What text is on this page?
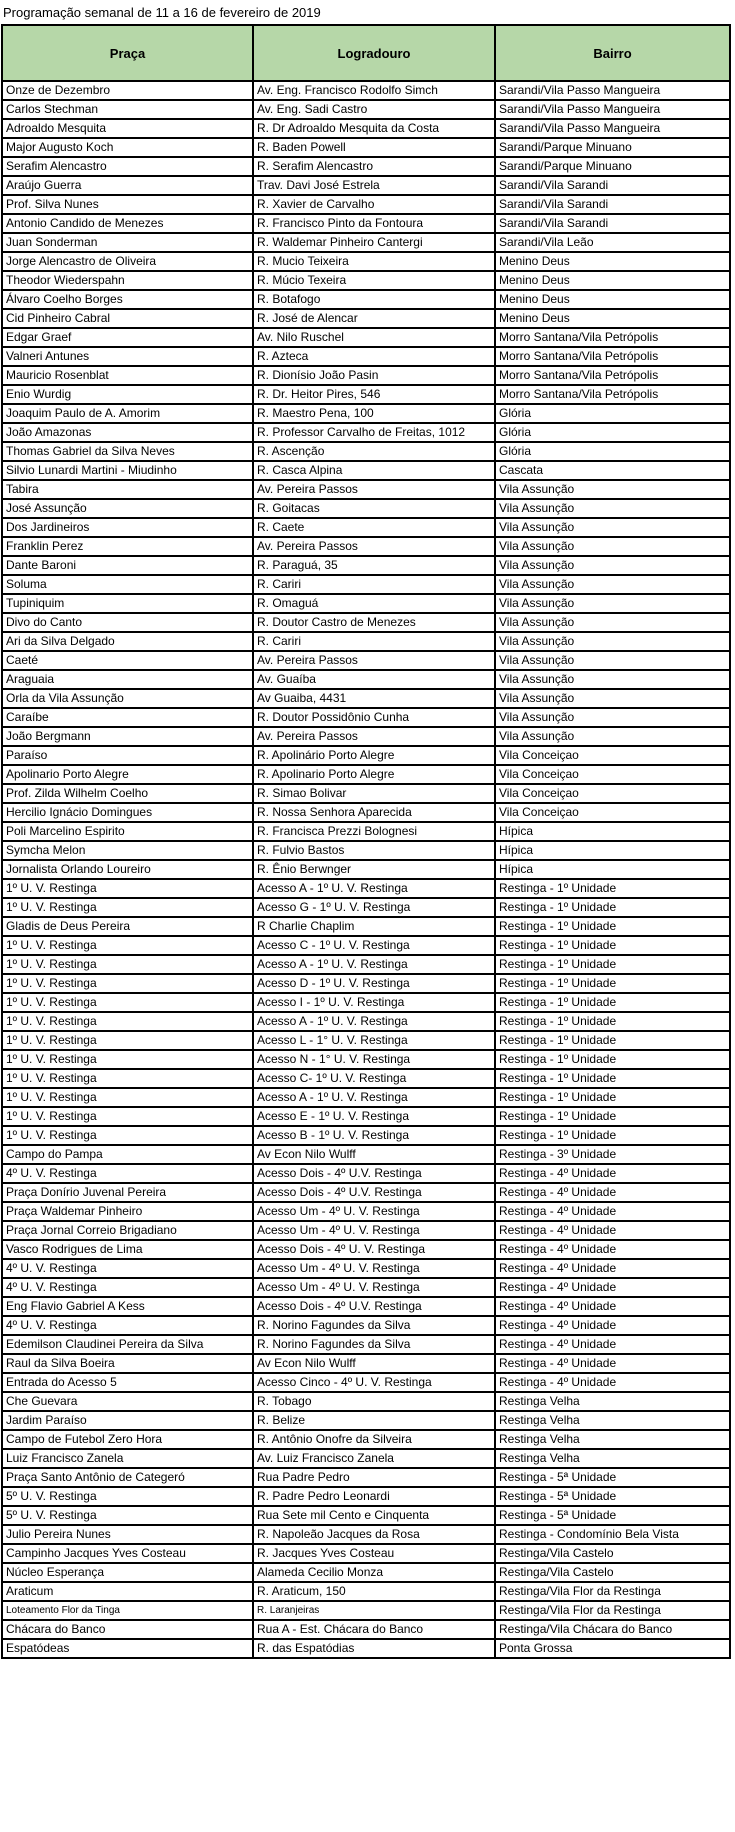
Programação semanal de 11 a 16 de fevereiro de 2019
Praça	Logradouro	Bairro
Onze de Dezembro	Av. Eng. Francisco Rodolfo Simch	Sarandi/Vila Passo Mangueira
Carlos Stechman	Av. Eng. Sadi Castro	Sarandi/Vila Passo Mangueira
Adroaldo Mesquita	R. Dr Adroaldo Mesquita da Costa	Sarandi/Vila Passo Mangueira
Major Augusto Koch	R. Baden Powell	Sarandi/Parque Minuano
Serafim Alencastro	R. Serafim Alencastro	Sarandi/Parque Minuano
Araújo Guerra	Trav. Davi José Estrela	Sarandi/Vila Sarandi
Prof. Silva Nunes	R. Xavier de Carvalho	Sarandi/Vila Sarandi
Antonio Candido de Menezes	R. Francisco Pinto da Fontoura	Sarandi/Vila Sarandi
Juan Sonderman	R. Waldemar Pinheiro Cantergi	Sarandi/Vila Leão
Jorge Alencastro de Oliveira	R. Mucio Teixeira	Menino Deus
Theodor Wiederspahn	R. Múcio Texeira	Menino Deus
Álvaro Coelho Borges	R. Botafogo	Menino Deus
Cid Pinheiro Cabral	R. José de Alencar	Menino Deus
Edgar Graef	Av. Nilo Ruschel	Morro Santana/Vila Petrópolis
Valneri Antunes	R. Azteca	Morro Santana/Vila Petrópolis
Mauricio Rosenblat	R. Dionísio João Pasin	Morro Santana/Vila Petrópolis
Enio Wurdig	R. Dr. Heitor Pires, 546	Morro Santana/Vila Petrópolis
Joaquim Paulo de A. Amorim	R. Maestro Pena, 100	Glória
João Amazonas	R. Professor Carvalho de Freitas, 1012	Glória
Thomas Gabriel da Silva Neves	R. Ascenção	Glória
Silvio Lunardi Martini - Miudinho	R. Casca Alpina	Cascata
Tabira	Av. Pereira Passos	Vila Assunção
José Assunção	R. Goitacas	Vila Assunção
Dos Jardineiros	R. Caete	Vila Assunção
Franklin Perez	Av. Pereira Passos	Vila Assunção
Dante Baroni	R. Paraguá, 35	Vila Assunção
Soluma	R. Cariri	Vila Assunção
Tupiniquim	R. Omaguá	Vila Assunção
Divo do Canto	R. Doutor Castro de Menezes	Vila Assunção
Ari da Silva Delgado	R. Cariri	Vila Assunção
Caeté	Av. Pereira Passos	Vila Assunção
Araguaia	Av. Guaíba	Vila Assunção
Orla da Vila Assunção	Av Guaiba, 4431	Vila Assunção
Caraíbe	R. Doutor Possidônio Cunha	Vila Assunção
João Bergmann	Av. Pereira Passos	Vila Assunção
Paraíso	R. Apolinário Porto Alegre	Vila Conceiçao
Apolinario Porto Alegre	R. Apolinario Porto Alegre	Vila Conceiçao
Prof. Zilda Wilhelm Coelho	R. Simao Bolivar	Vila Conceiçao
Hercilio Ignácio Domingues	R. Nossa Senhora Aparecida	Vila Conceiçao
Poli Marcelino Espirito	R. Francisca Prezzi Bolognesi	Hípica
Symcha Melon	R. Fulvio Bastos	Hípica
Jornalista Orlando Loureiro	R. Ênio Berwnger	Hípica
1º U. V. Restinga	Acesso A - 1º U. V. Restinga	Restinga - 1º Unidade
1º U. V. Restinga	Acesso G - 1º U. V. Restinga	Restinga - 1º Unidade
Gladis de Deus Pereira	R Charlie Chaplim	Restinga - 1º Unidade
1º U. V. Restinga	Acesso C - 1º U. V. Restinga	Restinga - 1º Unidade
1º U. V. Restinga	Acesso A - 1º U. V. Restinga	Restinga - 1º Unidade
1º U. V. Restinga	Acesso D - 1º U. V. Restinga	Restinga - 1º Unidade
1º U. V. Restinga	Acesso I - 1º U. V. Restinga	Restinga - 1º Unidade
1º U. V. Restinga	Acesso A - 1º U. V. Restinga	Restinga - 1º Unidade
1º U. V. Restinga	Acesso L - 1° U. V. Restinga	Restinga - 1º Unidade
1º U. V. Restinga	Acesso N - 1° U. V. Restinga	Restinga - 1º Unidade
1º U. V. Restinga	Acesso C- 1º U. V. Restinga	Restinga - 1º Unidade
1º U. V. Restinga	Acesso A - 1º U. V. Restinga	Restinga - 1º Unidade
1º U. V. Restinga	Acesso E - 1º U. V. Restinga	Restinga - 1º Unidade
1º U. V. Restinga	Acesso B - 1º U. V. Restinga	Restinga - 1º Unidade
Campo do Pampa	Av Econ Nilo Wulff	Restinga - 3º Unidade
4º U. V. Restinga	Acesso Dois - 4º U.V. Restinga	Restinga - 4º Unidade
Praça Donírio Juvenal Pereira	Acesso Dois - 4º U.V. Restinga	Restinga - 4º Unidade
Praça Waldemar Pinheiro	Acesso Um - 4º U. V. Restinga	Restinga - 4º Unidade
Praça Jornal Correio Brigadiano	Acesso Um - 4º U. V. Restinga	Restinga - 4º Unidade
Vasco Rodrigues de Lima	Acesso Dois - 4º U. V. Restinga	Restinga - 4º Unidade
4º U. V. Restinga	Acesso Um - 4º U. V. Restinga	Restinga - 4º Unidade
4º U. V. Restinga	Acesso Um - 4º U. V. Restinga	Restinga - 4º Unidade
Eng Flavio Gabriel A Kess	Acesso Dois - 4º U.V. Restinga	Restinga - 4º Unidade
4º U. V. Restinga	R. Norino Fagundes da Silva	Restinga - 4º Unidade
Edemilson Claudinei Pereira da Silva	R. Norino Fagundes da Silva	Restinga - 4º Unidade
Raul da Silva Boeira	Av Econ Nilo Wulff	Restinga - 4º Unidade
Entrada do Acesso 5	Acesso Cinco - 4º U. V. Restinga	Restinga - 4º Unidade
Che Guevara	R. Tobago	Restinga Velha
Jardim Paraíso	R. Belize	Restinga Velha
Campo de Futebol Zero Hora	R. Antônio Onofre da Silveira	Restinga Velha
Luiz Francisco Zanela	Av. Luiz Francisco Zanela	Restinga Velha
Praça Santo Antônio de Categeró	Rua Padre Pedro	Restinga - 5ª Unidade
5º U. V. Restinga	R. Padre Pedro Leonardi	Restinga - 5ª Unidade
5º U. V. Restinga	Rua Sete mil Cento e Cinquenta	Restinga - 5ª Unidade
Julio Pereira Nunes	R. Napoleão Jacques da Rosa	Restinga - Condomínio Bela Vista
Campinho Jacques Yves Costeau	R. Jacques Yves Costeau	Restinga/Vila Castelo
Núcleo Esperança	Alameda Cecilio Monza	Restinga/Vila Castelo
Araticum	R. Araticum, 150	Restinga/Vila Flor da Restinga
Loteamento Flor da Tinga	R. Laranjeiras	Restinga/Vila Flor da Restinga
Chácara do Banco	Rua A - Est. Chácara do Banco	Restinga/Vila Chácara do Banco
Espatódeas	R. das Espatódias	Ponta Grossa
